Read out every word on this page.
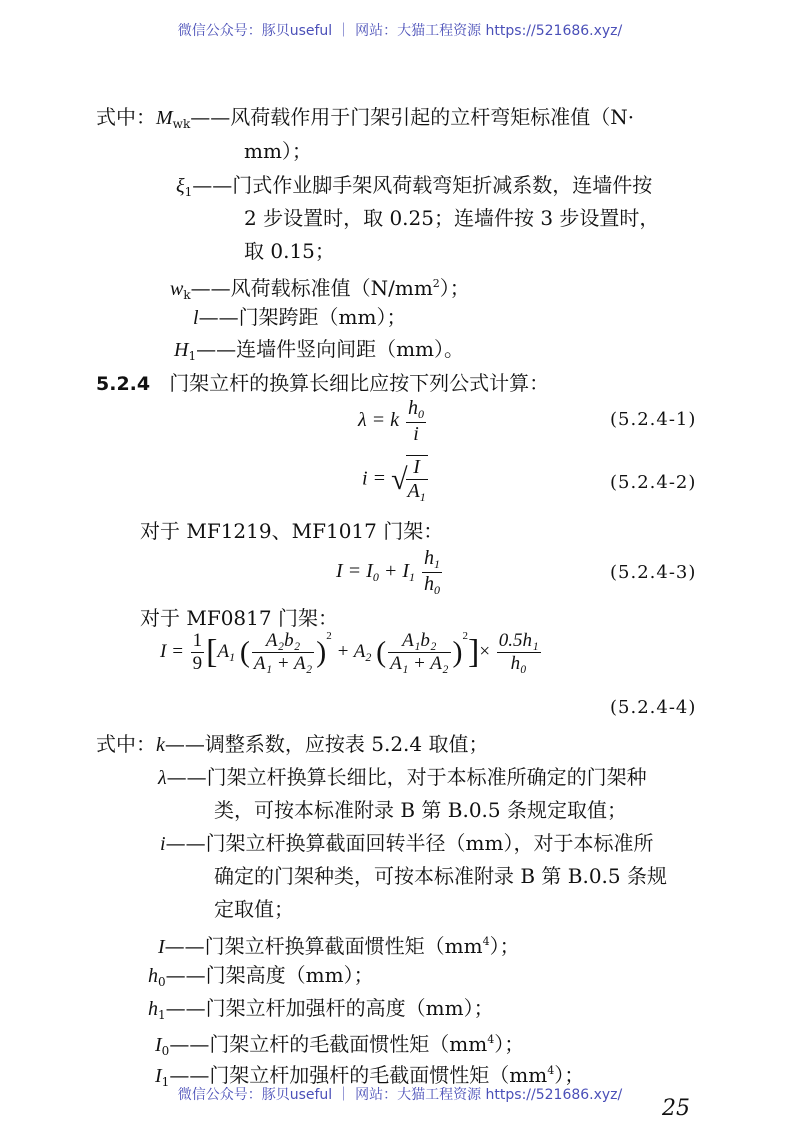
微信公众号：豚贝useful ｜ 网站：大猫工程资源 https://521686.xyz/
式中：$M_{wk}——$风荷载作用于门架引起的立杆弯矩标准值（N·
mm）；
$\xi_1——$门式作业脚手架风荷载弯矩折减系数，连墙件按
2 步设置时，取 0.25；连墙件按 3 步设置时，
取 0.15；
$w_k——$风荷载标准值$(N/mm^2)$；
l——门架跨距（mm）；
$H_1——$连墙件竖向间距（mm）。
5.2.4 门架立杆的换算长细比应按下列公式计算：
λ = k $\frac{h_0}{i}$	(5.2.4-1)
i = √
$\frac{I}{A_1}$	(5.2.4-2)
对于 MF1219、MF1017 门架：
$I = I_0 + I_1 \frac{h_1}{h_0}$	(5.2.4-3)
对于 MF0817 门架：
$I = \frac{1}{9} [A_1$ ( $\frac{\text{A₂b₂}}{\text{A₁ + A₂}} )^2 + A_2$ ( $\frac{\text{A₁b₂}}{\text{A₁ + A₂}} )^2]\times \frac{\text{0.5h₁}}{\text{h₀}}$
(5.2.4-4)
式中：k——调整系数，应按表 5.2.4 取值；
λ——门架立杆换算长细比，对于本标准所确定的门架种
类，可按本标准附录 B 第 B.0.5 条规定取值；
i——门架立杆换算截面回转半径（mm），对于本标准所
确定的门架种类，可按本标准附录 B 第 B.0.5 条规
定取值；
I——门架立杆换算截面惯性矩$(mm^4)$；
$h_0——$门架高度（mm）；
$h_1——$门架立杆加强杆的高度（mm）；
$I_0——$门架立杆的毛截面惯性矩$(mm^4)$；
$I_1——$门架立杆加强杆的毛截面惯性矩$(mm^4)$；
微信公众号：豚贝useful ｜ 网站：大猫工程资源 https://521686.xyz/
25
